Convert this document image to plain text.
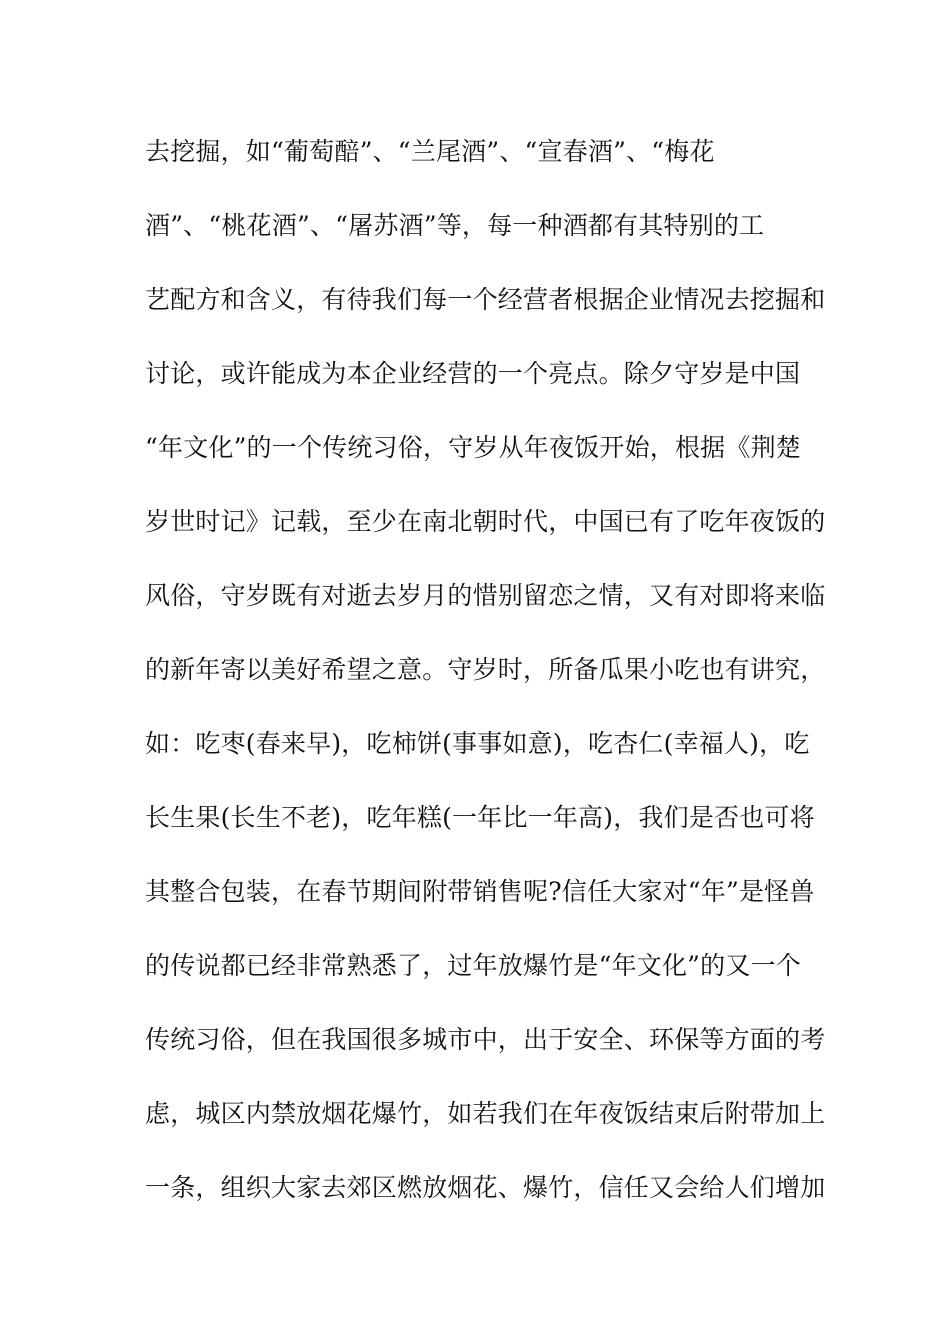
去挖掘，如“葡萄醅”、“兰尾酒”、“宣春酒”、“梅花
酒”、“桃花酒”、“屠苏酒”等，每一种酒都有其特别的工
艺配方和含义，有待我们每一个经营者根据企业情况去挖掘和
讨论，或许能成为本企业经营的一个亮点。除夕守岁是中国
“年文化”的一个传统习俗，守岁从年夜饭开始，根据《荆楚
岁世时记》记载，至少在南北朝时代，中国已有了吃年夜饭的
风俗，守岁既有对逝去岁月的惜别留恋之情，又有对即将来临
的新年寄以美好希望之意。守岁时，所备瓜果小吃也有讲究，
如：吃枣(春来早)，吃柿饼(事事如意)，吃杏仁(幸福人)，吃
长生果(长生不老)，吃年糕(一年比一年高)，我们是否也可将
其整合包装，在春节期间附带销售呢?信任大家对“年”是怪兽
的传说都已经非常熟悉了，过年放爆竹是“年文化”的又一个
传统习俗，但在我国很多城市中，出于安全、环保等方面的考
虑，城区内禁放烟花爆竹，如若我们在年夜饭结束后附带加上
一条，组织大家去郊区燃放烟花、爆竹，信任又会给人们增加
